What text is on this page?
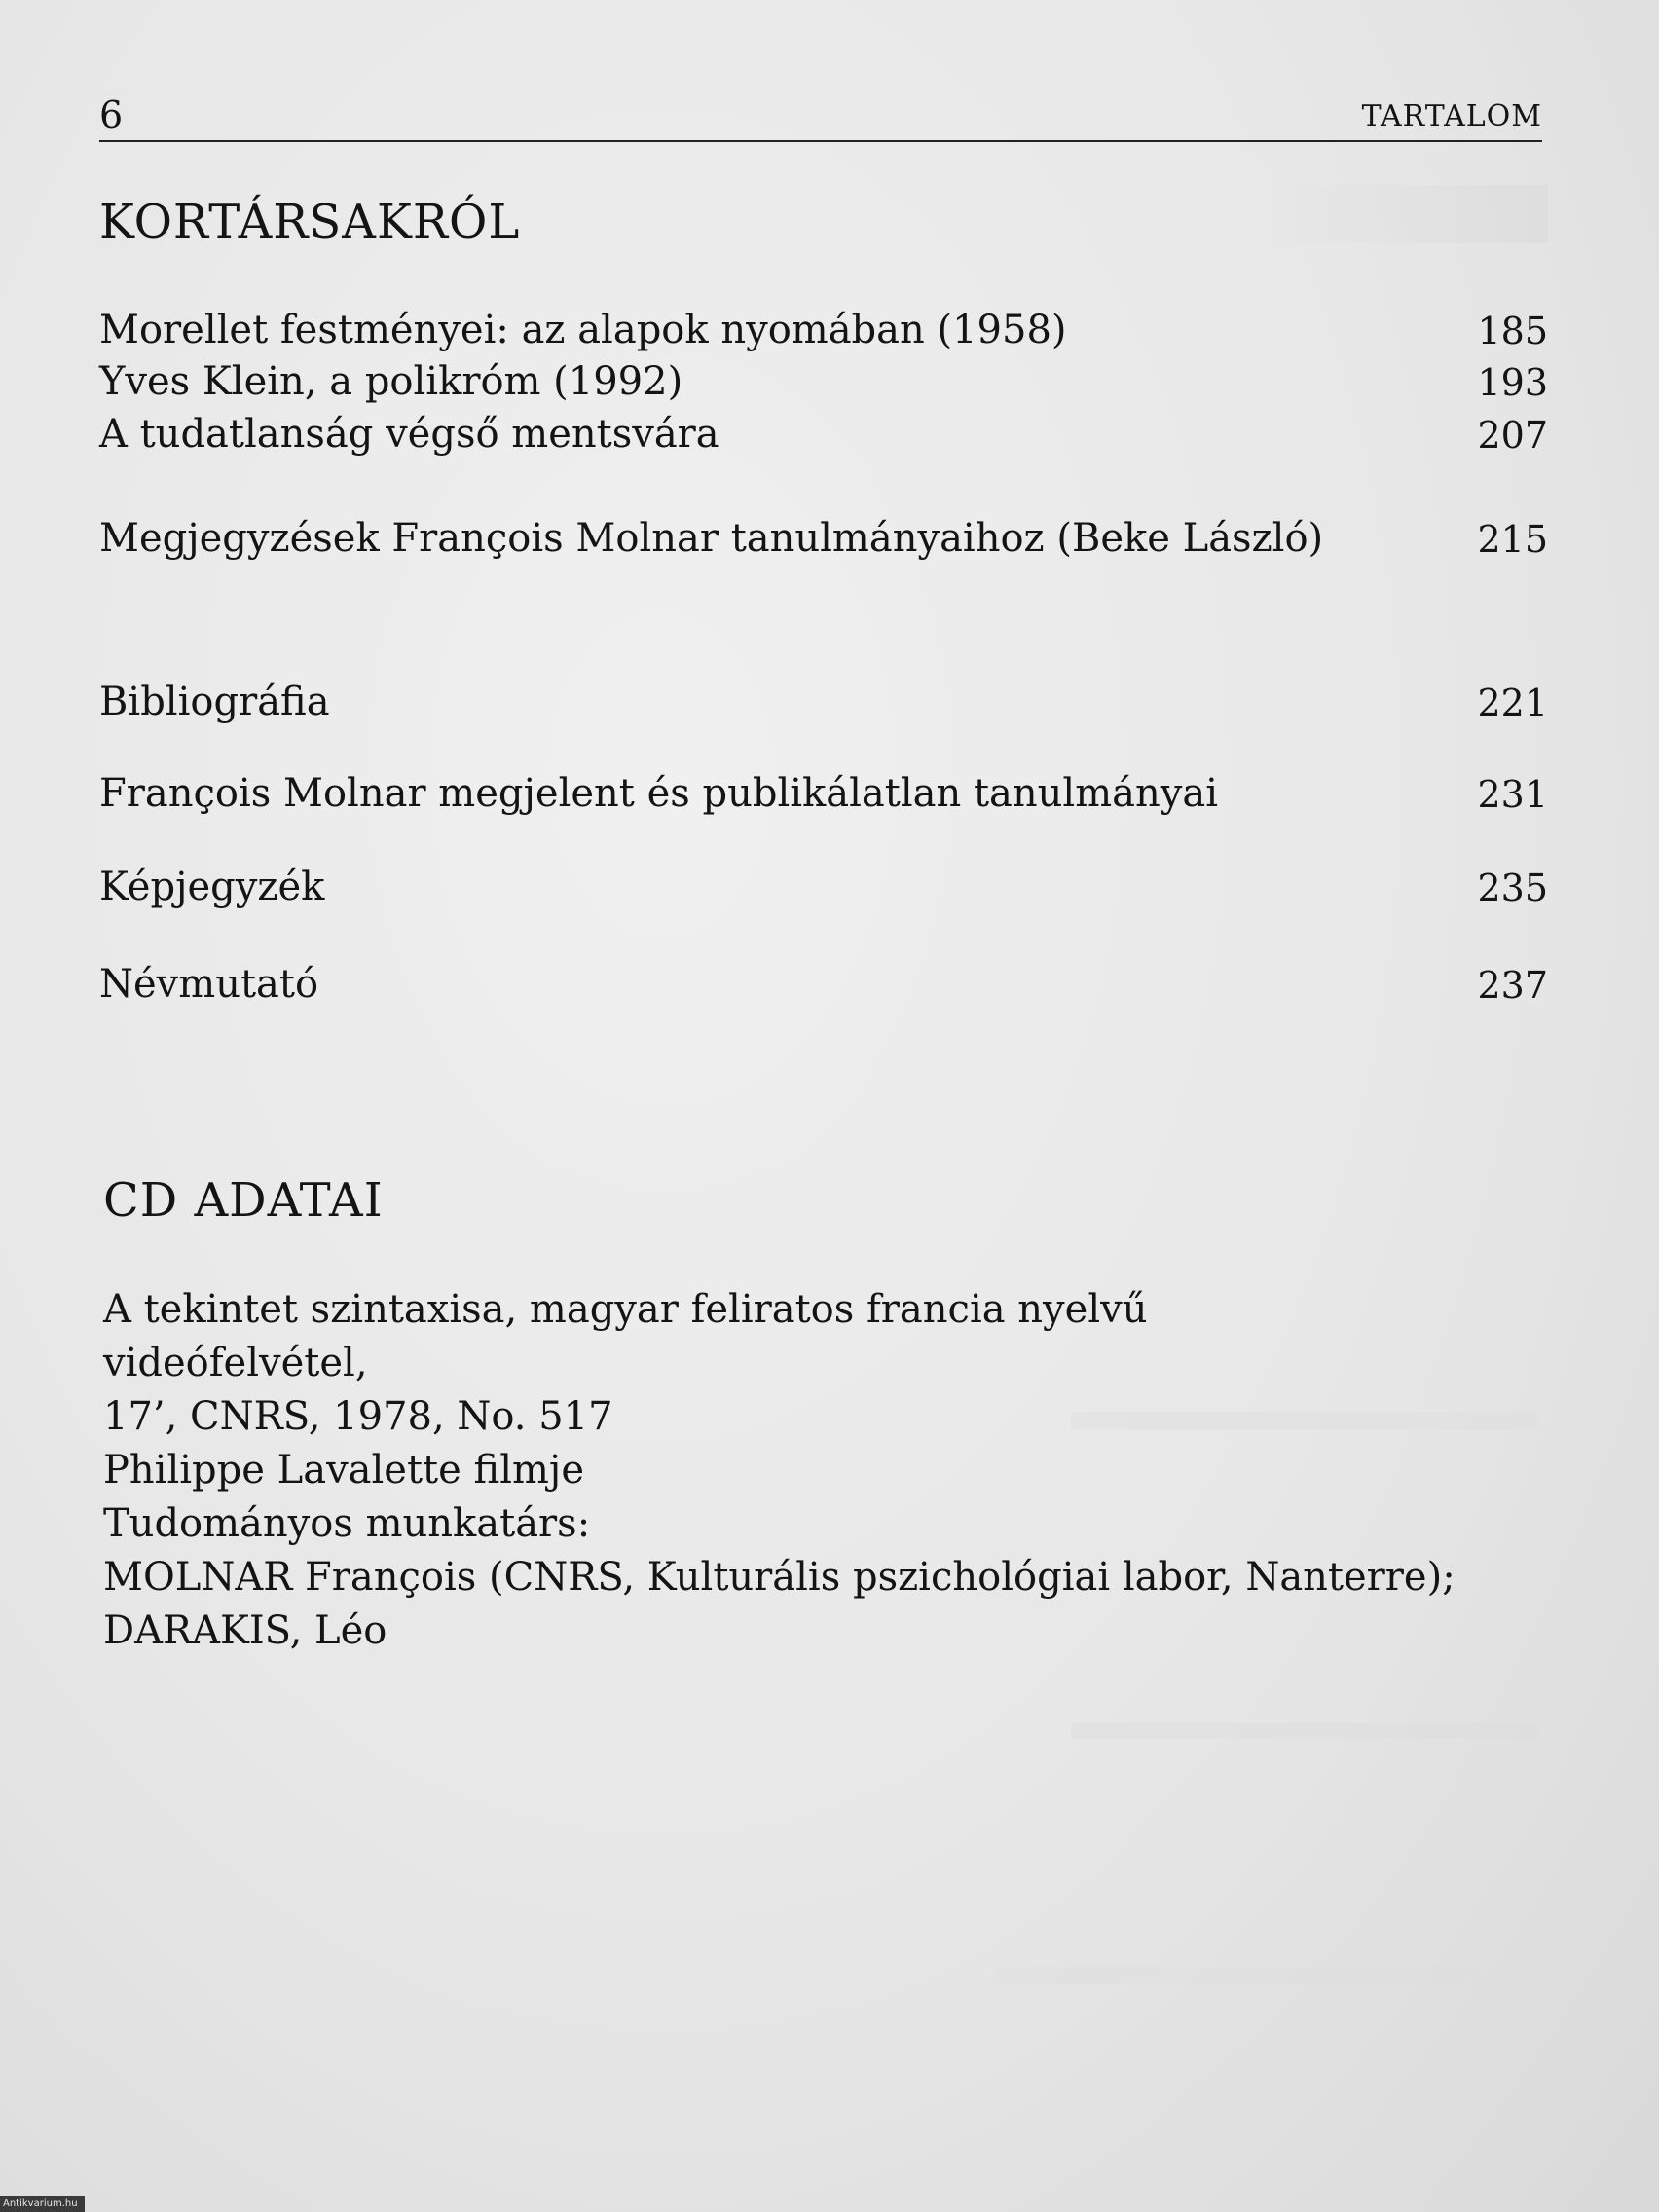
6	TARTALOM
KORTÁRSAKRÓL
Morellet festményei: az alapok nyomában (1958)	185
Yves Klein, a polikróm (1992)	193
A tudatlanság végső mentsvára	207
Megjegyzések François Molnar tanulmányaihoz (Beke László)	215
Bibliográfia	221
François Molnar megjelent és publikálatlan tanulmányai	231
Képjegyzék	235
Névmutató	237
CD ADATAI
A tekintet szintaxisa, magyar feliratos francia nyelvű
videófelvétel,
17’, CNRS, 1978, No. 517
Philippe Lavalette filmje
Tudományos munkatárs:
MOLNAR François (CNRS, Kulturális pszichológiai labor, Nanterre);
DARAKIS, Léo
Antikvarium.hu
